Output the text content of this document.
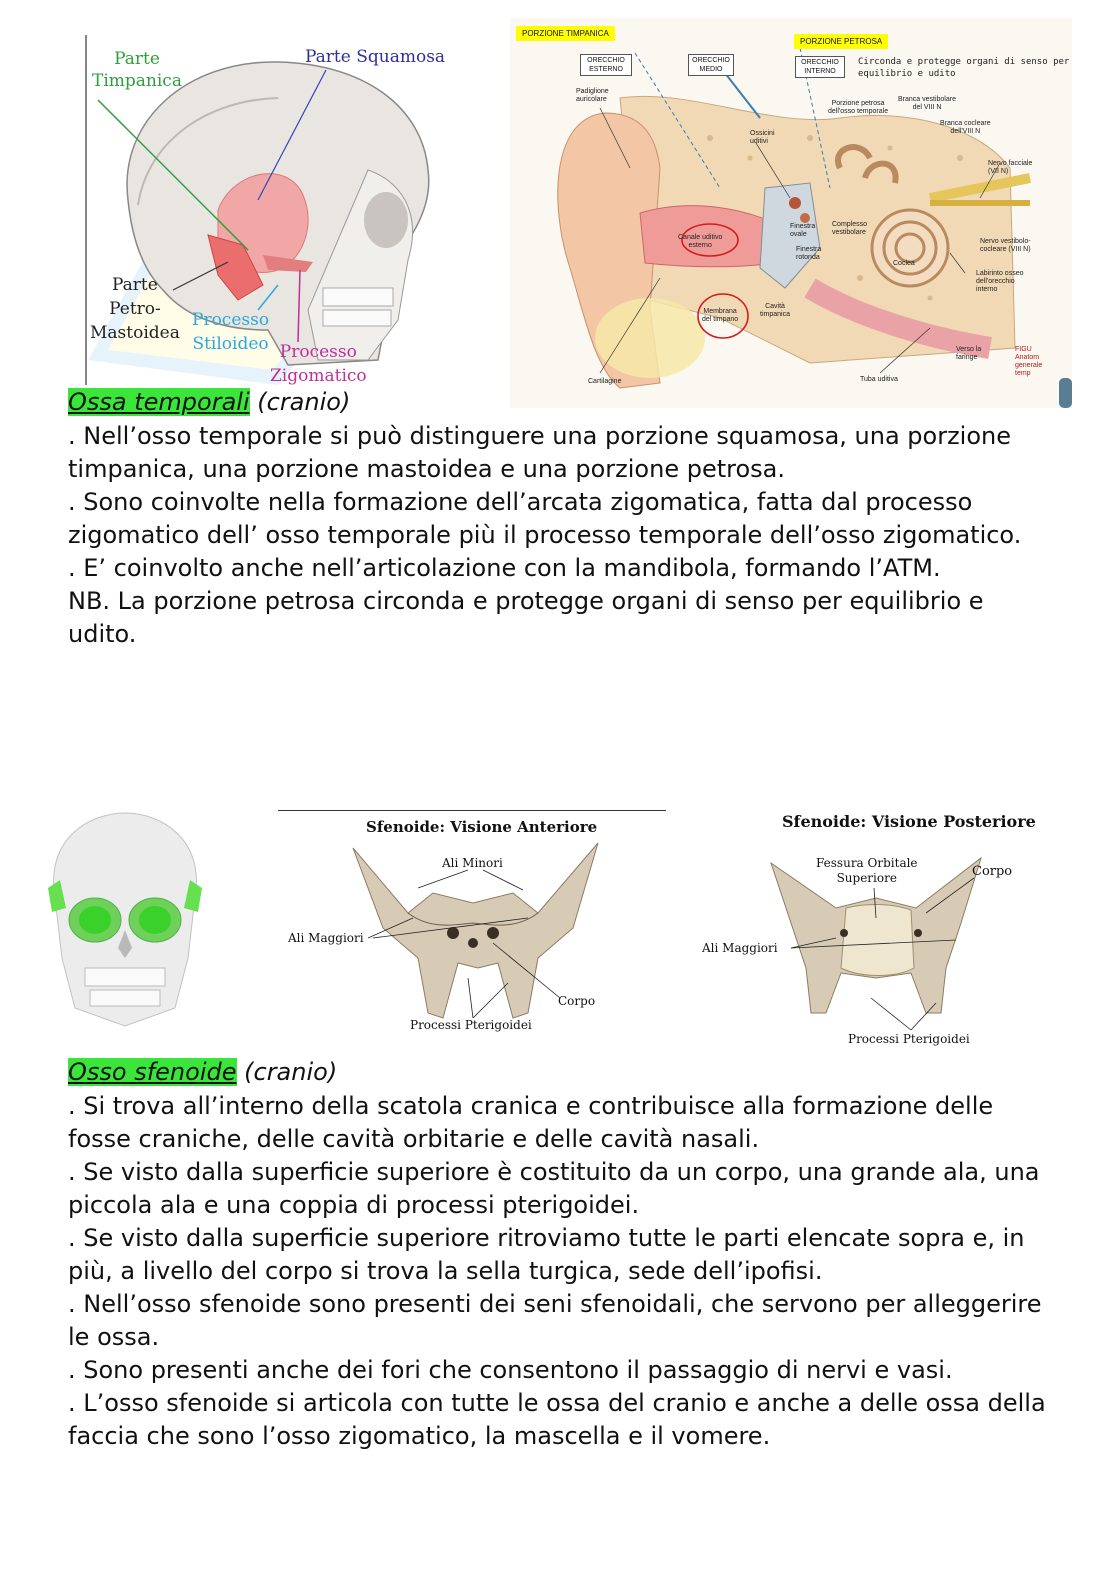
Parte
Timpanica
Parte Squamosa
Parte
Petro-
Mastoidea
Processo
Stiloideo Processo
Zigomatico
PORZIONE TIMPANICA
PORZIONE PETROSA
ORECCHIO
ESTERNO
ORECCHIO
MEDIO
ORECCHIO
INTERNO
Circonda e protegge organi di senso per
equilibrio e udito
Padiglione
auricolare
Ossicini
uditivi
Porzione petrosa
dell'osso temporale
Branca vestibolare
del VIII N
Branca cocleare
dell'VIII N
Nervo facciale
(VII N)
Canale uditivo
esterno
Finestra
ovale
Finestra
rotonda
Complesso
vestibolare
Coclea
Nervo vestibolo-
cocleare (VIII N)
Labirinto osseo
dell'orecchio
interno
Membrana
del timpano
Cavità
timpanica
Verso la
faringe
Cartilagine	Tuba uditiva
FIGU
Anatom
generale
temp
Ossa temporali (cranio)

. Nell’osso temporale si può distinguere una porzione squamosa, una porzione timpanica, una porzione mastoidea e una porzione petrosa.

. Sono coinvolte nella formazione dell’arcata zigomatica, fatta dal processo zigomatico dell’ osso temporale più il processo temporale dell’osso zigomatico.

. E’ coinvolto anche nell’articolazione con la mandibola, formando l’ATM.

NB. La porzione petrosa circonda e protegge organi di senso per equilibrio e udito.

Sfenoide: Visione Anteriore
Ali Minori
Ali Maggiori
Corpo
Processi Pterigoidei
Sfenoide: Visione Posteriore
Fessura Orbitale
Superiore	Corpo
Ali Maggiori
Processi Pterigoidei
Osso sfenoide (cranio)

. Si trova all’interno della scatola cranica e contribuisce alla formazione delle fosse craniche, delle cavità orbitarie e delle cavità nasali.

. Se visto dalla superficie superiore è costituito da un corpo, una grande ala, una piccola ala e una coppia di processi pterigoidei.

. Se visto dalla superficie superiore ritroviamo tutte le parti elencate sopra e, in più, a livello del corpo si trova la sella turgica, sede dell’ipofisi.

. Nell’osso sfenoide sono presenti dei seni sfenoidali, che servono per alleggerire le ossa.

. Sono presenti anche dei fori che consentono il passaggio di nervi e vasi.

. L’osso sfenoide si articola con tutte le ossa del cranio e anche a delle ossa della faccia che sono l’osso zigomatico, la mascella e il vomere.
